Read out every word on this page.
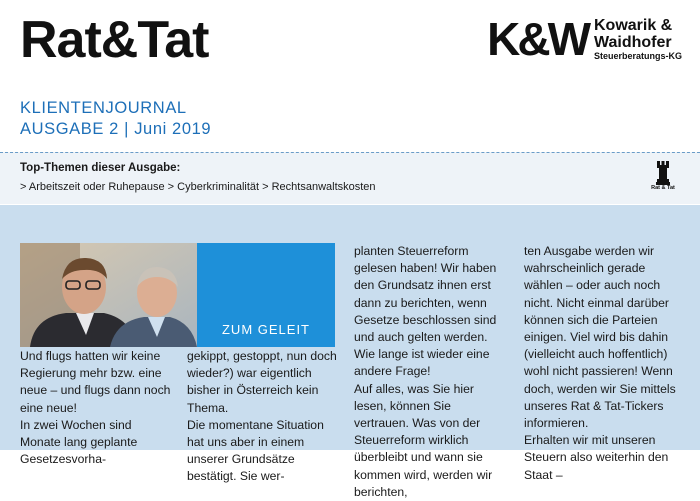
Rat&Tat	K&W Kowarik &
Waidhofer
Steuerberatungs-KG
KLIENTENJOURNAL
AUSGABE 2 | Juni 2019
Top-Themen dieser Ausgabe:
> Arbeitszeit oder Ruhepause > Cyberkriminalität > Rechtsanwaltskosten	Rat & Tat
ZUM GELEIT

Und flugs hatten wir keine Regierung mehr bzw. eine neue – und flugs dann noch eine neue!

In zwei Wochen sind Monate lang geplante Gesetzesvorha-

gekippt, gestoppt, nun doch wieder?) war eigentlich bisher in Österreich kein Thema.

Die momentane Situation hat uns aber in einem unserer Grundsätze bestätigt. Sie wer-

planten Steuerreform gelesen haben! Wir haben den Grundsatz ihnen erst dann zu berichten, wenn Gesetze beschlossen sind und auch gelten werden. Wie lange ist wieder eine andere Frage!

Auf alles, was Sie hier lesen, können Sie vertrauen. Was von der Steuerreform wirklich überbleibt und wann sie kommen wird, werden wir berichten,

ten Ausgabe werden wir wahrscheinlich gerade wählen – oder auch noch nicht. Nicht einmal darüber können sich die Parteien einigen. Viel wird bis dahin (vielleicht auch hoffentlich) wohl nicht passieren! Wenn doch, werden wir Sie mittels unseres Rat & Tat-Tickers informieren.

Erhalten wir mit unseren Steuern also weiterhin den Staat –
